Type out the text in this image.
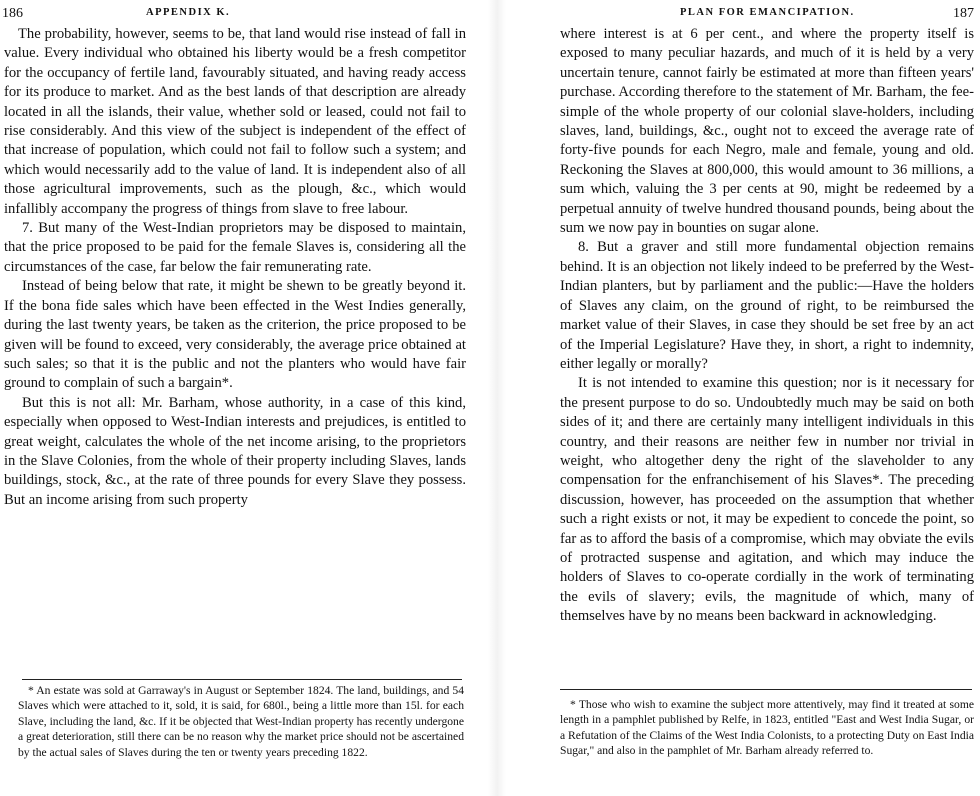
186	APPENDIX K.

The probability, however, seems to be, that land would rise instead of fall in value. Every individual who obtained his liberty would be a fresh competitor for the occupancy of fertile land, favourably situated, and having ready access for its produce to market. And as the best lands of that description are already located in all the islands, their value, whether sold or leased, could not fail to rise considerably. And this view of the subject is independent of the effect of that increase of population, which could not fail to follow such a system; and which would necessarily add to the value of land. It is independent also of all those agricultural improvements, such as the plough, &c., which would infallibly accompany the progress of things from slave to free labour.

7. But many of the West-Indian proprietors may be disposed to maintain, that the price proposed to be paid for the female Slaves is, considering all the circumstances of the case, far below the fair remunerating rate.

Instead of being below that rate, it might be shewn to be greatly beyond it. If the bona fide sales which have been effected in the West Indies generally, during the last twenty years, be taken as the criterion, the price proposed to be given will be found to exceed, very considerably, the average price obtained at such sales; so that it is the public and not the planters who would have fair ground to complain of such a bargain*.

But this is not all: Mr. Barham, whose authority, in a case of this kind, especially when opposed to West-Indian interests and prejudices, is entitled to great weight, calculates the whole of the net income arising, to the proprietors in the Slave Colonies, from the whole of their property including Slaves, lands buildings, stock, &c., at the rate of three pounds for every Slave they possess. But an income arising from such property

* An estate was sold at Garraway's in August or September 1824. The land, buildings, and 54 Slaves which were attached to it, sold, it is said, for 680l., being a little more than 15l. for each Slave, including the land, &c. If it be objected that West-Indian property has recently undergone a great deterioration, still there can be no reason why the market price should not be ascertained by the actual sales of Slaves during the ten or twenty years preceding 1822.

PLAN FOR EMANCIPATION.	187

where interest is at 6 per cent., and where the property itself is exposed to many peculiar hazards, and much of it is held by a very uncertain tenure, cannot fairly be estimated at more than fifteen years' purchase. According therefore to the statement of Mr. Barham, the fee-simple of the whole property of our colonial slave-holders, including slaves, land, buildings, &c., ought not to exceed the average rate of forty-five pounds for each Negro, male and female, young and old. Reckoning the Slaves at 800,000, this would amount to 36 millions, a sum which, valuing the 3 per cents at 90, might be redeemed by a perpetual annuity of twelve hundred thousand pounds, being about the sum we now pay in bounties on sugar alone.

8. But a graver and still more fundamental objection remains behind. It is an objection not likely indeed to be preferred by the West-Indian planters, but by parliament and the public:—Have the holders of Slaves any claim, on the ground of right, to be reimbursed the market value of their Slaves, in case they should be set free by an act of the Imperial Legislature? Have they, in short, a right to indemnity, either legally or morally?

It is not intended to examine this question; nor is it necessary for the present purpose to do so. Undoubtedly much may be said on both sides of it; and there are certainly many intelligent individuals in this country, and their reasons are neither few in number nor trivial in weight, who altogether deny the right of the slaveholder to any compensation for the enfranchisement of his Slaves*. The preceding discussion, however, has proceeded on the assumption that whether such a right exists or not, it may be expedient to concede the point, so far as to afford the basis of a compromise, which may obviate the evils of protracted suspense and agitation, and which may induce the holders of Slaves to co-operate cordially in the work of terminating the evils of slavery; evils, the magnitude of which, many of themselves have by no means been backward in acknowledging.

* Those who wish to examine the subject more attentively, may find it treated at some length in a pamphlet published by Relfe, in 1823, entitled "East and West India Sugar, or a Refutation of the Claims of the West India Colonists, to a protecting Duty on East India Sugar," and also in the pamphlet of Mr. Barham already referred to.
